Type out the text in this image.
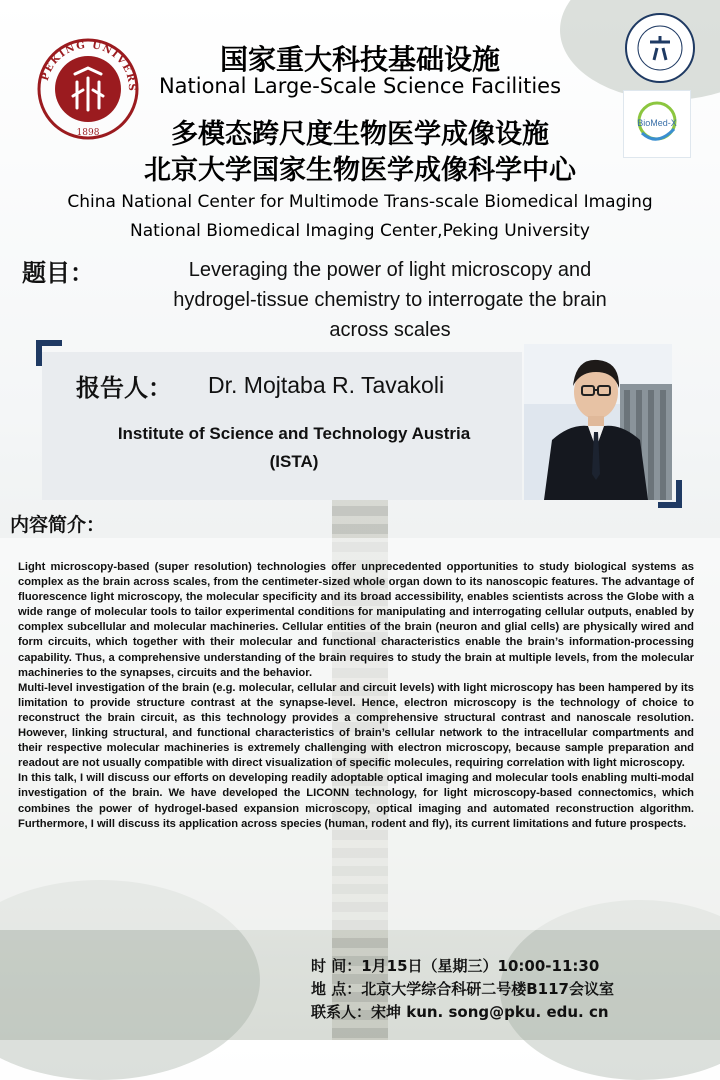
PEKING UNIVERS
1898
BioMed-X
国家重大科技基础设施
National Large-Scale Science Facilities
多模态跨尺度生物医学成像设施
北京大学国家生物医学成像科学中心
China National Center for Multimode Trans-scale Biomedical Imaging
National Biomedical Imaging Center,Peking University
题目：	Leveraging the power of light microscopy and
hydrogel-tissue chemistry to interrogate the brain
across scales
报告人： Dr. Mojtaba R. Tavakoli
Institute of Science and Technology Austria
(ISTA)
内容简介：

Light microscopy-based (super resolution) technologies offer unprecedented opportunities to study biological systems as complex as the brain across scales, from the centimeter-sized whole organ down to its nanoscopic features. The advantage of fluorescence light microscopy, the molecular specificity and its broad accessibility, enables scientists across the Globe with a wide range of molecular tools to tailor experimental conditions for manipulating and interrogating cellular outputs, enabled by complex subcellular and molecular machineries. Cellular entities of the brain (neuron and glial cells) are physically wired and form circuits, which together with their molecular and functional characteristics enable the brain’s information-processing capability. Thus, a comprehensive understanding of the brain requires to study the brain at multiple levels, from the molecular machineries to the synapses, circuits and the behavior.

Multi-level investigation of the brain (e.g. molecular, cellular and circuit levels) with light microscopy has been hampered by its limitation to provide structure contrast at the synapse-level. Hence, electron microscopy is the technology of choice to reconstruct the brain circuit, as this technology provides a comprehensive structural contrast and nanoscale resolution. However, linking structural, and functional characteristics of brain’s cellular network to the intracellular compartments and their respective molecular machineries is extremely challenging with electron microscopy, because sample preparation and readout are not usually compatible with direct visualization of specific molecules, requiring correlation with light microscopy.

In this talk, I will discuss our efforts on developing readily adoptable optical imaging and molecular tools enabling multi-modal investigation of the brain. We have developed the LICONN technology, for light microscopy-based connectomics, which combines the power of hydrogel-based expansion microscopy, optical imaging and automated reconstruction algorithm. Furthermore, I will discuss its application across species (human, rodent and fly), its current limitations and future prospects.

时 间：1月15日（星期三）10:00-11:30
地 点：北京大学综合科研二号楼B117会议室
联系人：宋坤 kun. song@pku. edu. cn
